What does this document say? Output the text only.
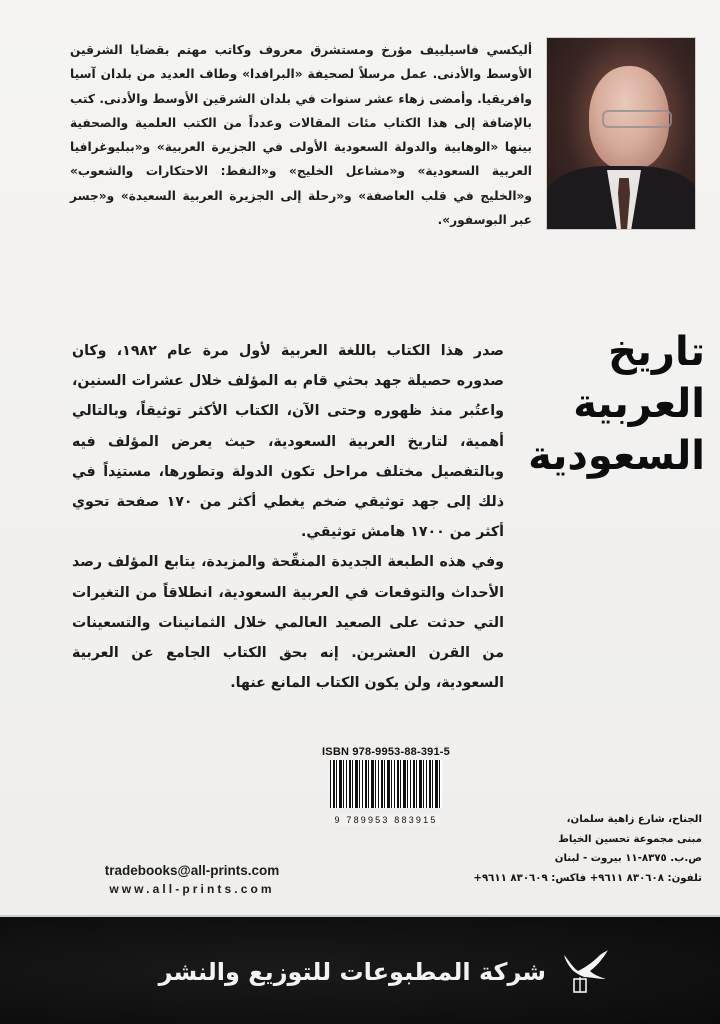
أليكسي فاسيلييف مؤرخ ومستشرق معروف وكاتب مهتم بقضايا الشرقين الأوسط والأدنى. عمل مرسلاً لصحيفة «البرافدا» وطاف العديد من بلدان آسيا وافريقيا. وأمضى زهاء عشر سنوات في بلدان الشرقين الأوسط والأدنى. كتب بالإضافة إلى هذا الكتاب مئات المقالات وعدداً من الكتب العلمية والصحفية بينها «الوهابية والدولة السعودية الأولى في الجزيرة العربية» و«ببليوغرافيا العربية السعودية» و«مشاعل الخليج» و«النفط: الاحتكارات والشعوب» و«الخليج في قلب العاصفة» و«رحلة إلى الجزيرة العربية السعيدة» و«جسر عبر البوسفور».
تاريخ
العربية
السعودية

صدر هذا الكتاب باللغة العربية لأول مرة عام ١٩٨٢، وكان صدوره حصيلة جهد بحثي قام به المؤلف خلال عشرات السنين، واعتُبر منذ ظهوره وحتى الآن، الكتاب الأكثر توثيقاً، وبالتالي أهمية، لتاريخ العربية السعودية، حيث يعرض المؤلف فيه وبالتفصيل مختلف مراحل تكون الدولة وتطورها، مستنِداً في ذلك إلى جهد توثيقي ضخم يغطي أكثر من ١٧٠ صفحة تحوي أكثر من ١٧٠٠ هامش توثيقي.

وفي هذه الطبعة الجديدة المنقّحة والمزيدة، يتابع المؤلف رصد الأحداث والتوقعات في العربية السعودية، انطلاقاً من التغيرات التي حدثت على الصعيد العالمي خلال الثمانينات والتسعينات من القرن العشرين. إنه بحق الكتاب الجامع عن العربية السعودية، ولن يكون الكتاب المانع عنها.

ISBN 978-9953-88-391-5
9 789953 883915	الجناح، شارع زاهية سلمان،
مبنى مجموعة تحسين الخياط
ص.ب. ٨٣٧٥-١١ بيروت - لبنان
تلفون: ٨٣٠٦٠٨ ٩٦١١+ فاكس: ٨٣٠٦٠٩ ٩٦١١+
tradebooks@all-prints.com
www.all-prints.com
شركة المطبوعات للتوزيع والنشر
